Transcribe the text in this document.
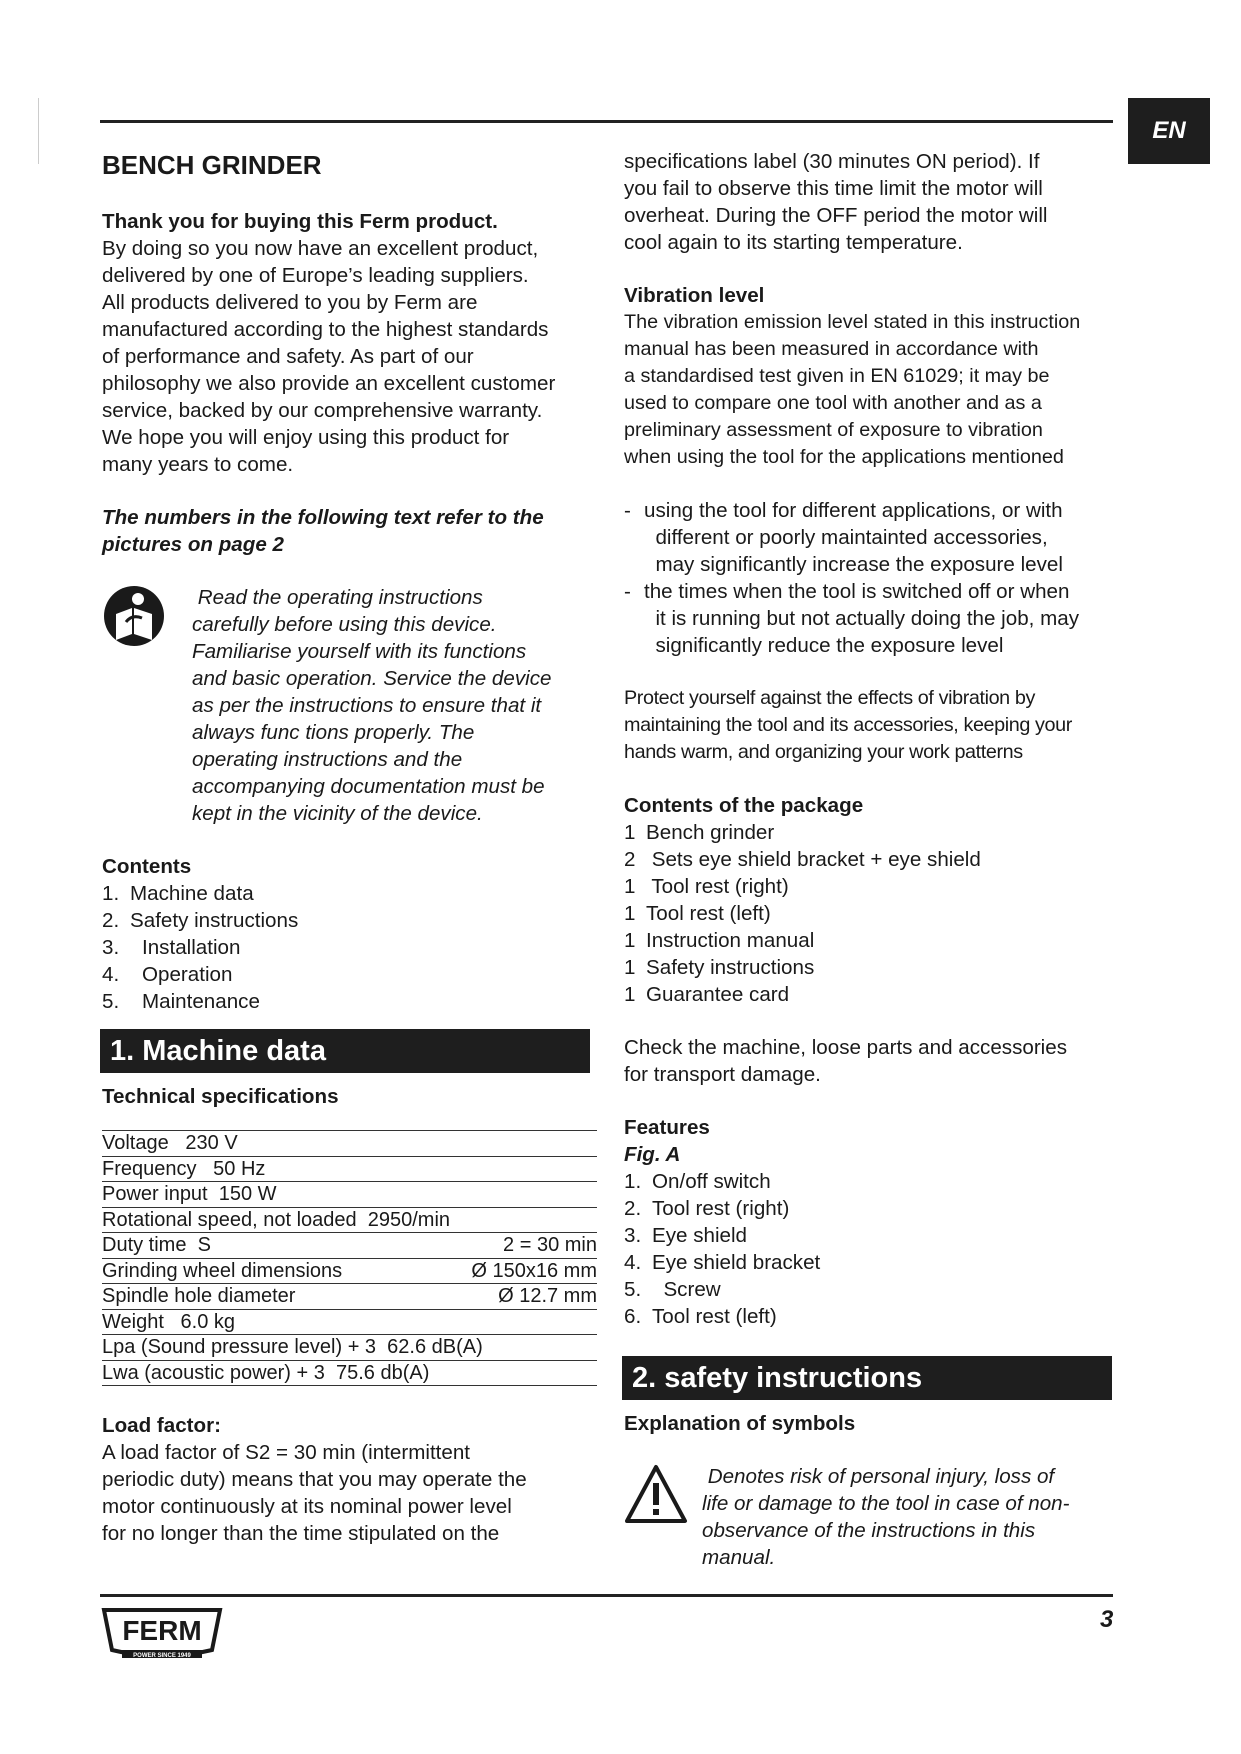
EN
BENCH GRINDER

Thank you for buying this Ferm product.

By doing so you now have an excellent product,

delivered by one of Europe’s leading suppliers.

All products delivered to you by Ferm are

manufactured according to the highest standards

of performance and safety. As part of our

philosophy we also provide an excellent customer

service, backed by our comprehensive warranty.

We hope you will enjoy using this product for

many years to come.

The numbers in the following text refer to the

pictures on page 2

Read the operating instructions

carefully before using this device.

Familiarise yourself with its functions

and basic operation. Service the device

as per the instructions to ensure that it

always func tions properly. The

operating instructions and the

accompanying documentation must be

kept in the vicinity of the device.

Contents

1. Machine data
2. Safety instructions
3.	Installation
4.	Operation
5.	Maintenance
1. Machine data

Technical specifications

Voltage   230 V
Frequency   50 Hz
Power input  150 W
Rotational speed, not loaded  2950/min
Duty time  S	2 = 30 min
Grinding wheel dimensions	Ø 150x16 mm
Spindle hole diameter	Ø 12.7 mm
Weight   6.0 kg
Lpa (Sound pressure level) + 3  62.6 dB(A)
Lwa (acoustic power) + 3  75.6 db(A)

Load factor:

A load factor of S2 = 30 min (intermittent

periodic duty) means that you may operate the

motor continuously at its nominal power level

for no longer than the time stipulated on the

specifications label (30 minutes ON period). If

you fail to observe this time limit the motor will

overheat. During the OFF period the motor will

cool again to its starting temperature.

Vibration level

The vibration emission level stated in this instruction

manual has been measured in accordance with

a standardised test given in EN 61029; it may be

used to compare one tool with another and as a

preliminary assessment of exposure to vibration

when using the tool for the applications mentioned

- using the tool for different applications, or with

different or poorly maintainted accessories,

may significantly increase the exposure level

- the times when the tool is switched off or when

it is running but not actually doing the job, may

significantly reduce the exposure level

Protect yourself against the effects of vibration by

maintaining the tool and its accessories, keeping your

hands warm, and organizing your work patterns

Contents of the package

1 Bench grinder
2 Sets eye shield bracket + eye shield
1 Tool rest (right)
1 Tool rest (left)
1 Instruction manual
1 Safety instructions
1 Guarantee card

Check the machine, loose parts and accessories

for transport damage.

Features

Fig. A

1. On/off switch
2. Tool rest (right)
3. Eye shield
4. Eye shield bracket
5. Screw
6. Tool rest (left)
2. safety instructions

Explanation of symbols

Denotes risk of personal injury, loss of

life or damage to the tool in case of non-

observance of the instructions in this

manual.

FERM
POWER SINCE 1949
3
